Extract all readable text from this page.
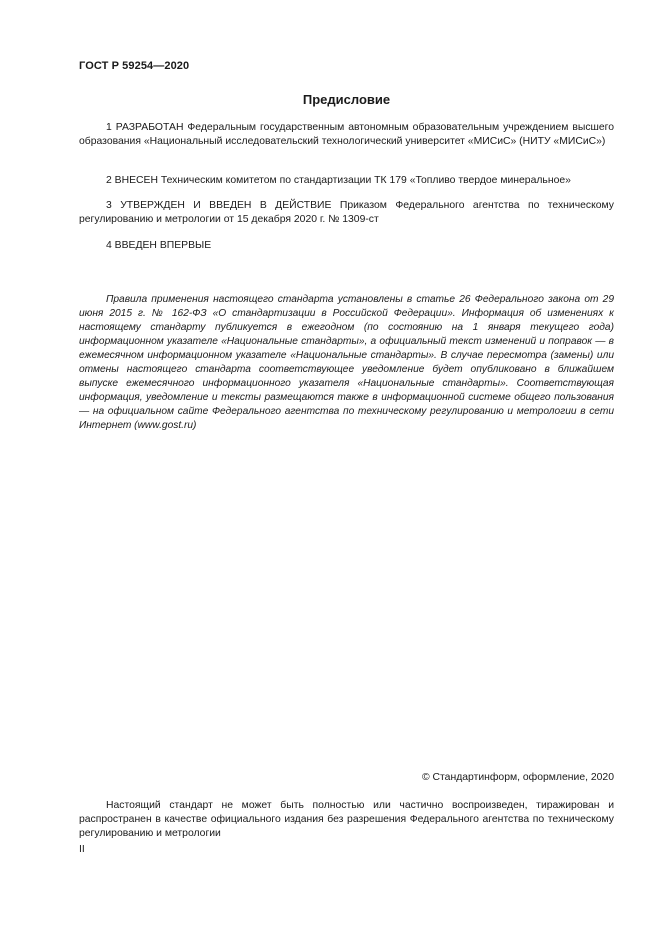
ГОСТ Р 59254—2020
Предисловие

1 РАЗРАБОТАН Федеральным государственным автономным образовательным учреждением высшего образования «Национальный исследовательский технологический университет «МИСиС» (НИТУ «МИСиС»)

2 ВНЕСЕН Техническим комитетом по стандартизации ТК 179 «Топливо твердое минеральное»

3 УТВЕРЖДЕН И ВВЕДЕН В ДЕЙСТВИЕ Приказом Федерального агентства по техническому регулированию и метрологии от 15 декабря 2020 г. № 1309-ст

4 ВВЕДЕН ВПЕРВЫЕ

Правила применения настоящего стандарта установлены в статье 26 Федерального закона от 29 июня 2015 г. № 162-ФЗ «О стандартизации в Российской Федерации». Информация об изменениях к настоящему стандарту публикуется в ежегодном (по состоянию на 1 января текущего года) информационном указателе «Национальные стандарты», а официальный текст изменений и поправок — в ежемесячном информационном указателе «Национальные стандарты». В случае пересмотра (замены) или отмены настоящего стандарта соответствующее уведомление будет опубликовано в ближайшем выпуске ежемесячного информационного указателя «Национальные стандарты». Соответствующая информация, уведомление и тексты размещаются также в информационной системе общего пользования — на официальном сайте Федерального агентства по техническому регулированию и метрологии в сети Интернет (www.gost.ru)

© Стандартинформ, оформление, 2020

Настоящий стандарт не может быть полностью или частично воспроизведен, тиражирован и распространен в качестве официального издания без разрешения Федерального агентства по техническому регулированию и метрологии

II
